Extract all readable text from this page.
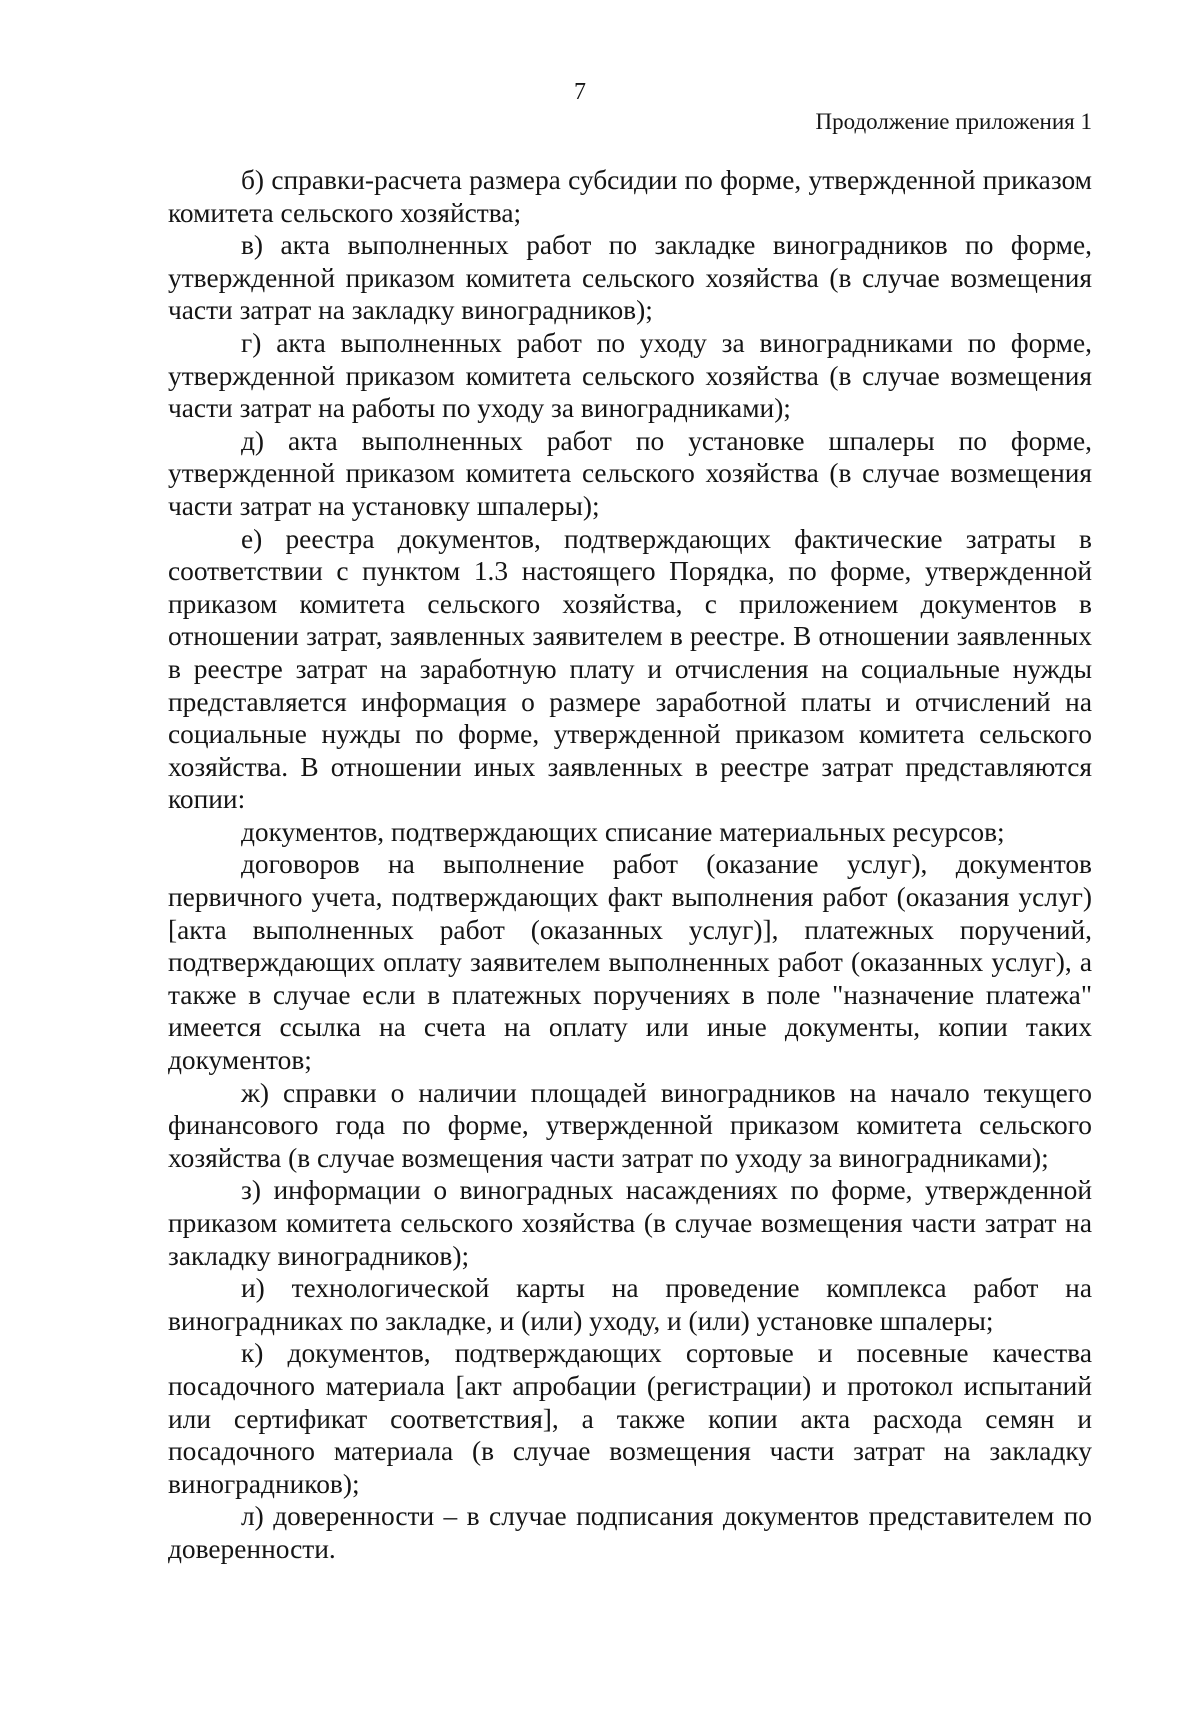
7
Продолжение приложения 1

б) справки-расчета размера субсидии по форме, утвержденной приказом комитета сельского хозяйства;

в) акта выполненных работ по закладке виноградников по форме, утвержденной приказом комитета сельского хозяйства (в случае возмещения части затрат на закладку виноградников);

г) акта выполненных работ по уходу за виноградниками по форме, утвержденной приказом комитета сельского хозяйства (в случае возмещения части затрат на работы по уходу за виноградниками);

д) акта выполненных работ по установке шпалеры по форме, утвержденной приказом комитета сельского хозяйства (в случае возмещения части затрат на установку шпалеры);

е) реестра документов, подтверждающих фактические затраты в соответствии с пунктом 1.3 настоящего Порядка, по форме, утвержденной приказом комитета сельского хозяйства, с приложением документов в отношении затрат, заявленных заявителем в реестре. В отношении заявленных в реестре затрат на заработную плату и отчисления на социальные нужды представляется информация о размере заработной платы и отчислений на социальные нужды по форме, утвержденной приказом комитета сельского хозяйства. В отношении иных заявленных в реестре затрат представляются копии:

документов, подтверждающих списание материальных ресурсов;

договоров на выполнение работ (оказание услуг), документов первичного учета, подтверждающих факт выполнения работ (оказания услуг) [акта выполненных работ (оказанных услуг)], платежных поручений, подтверждающих оплату заявителем выполненных работ (оказанных услуг), а также в случае если в платежных поручениях в поле "назначение платежа" имеется ссылка на счета на оплату или иные документы, копии таких документов;

ж) справки о наличии площадей виноградников на начало текущего финансового года по форме, утвержденной приказом комитета сельского хозяйства (в случае возмещения части затрат по уходу за виноградниками);

з) информации о виноградных насаждениях по форме, утвержденной приказом комитета сельского хозяйства (в случае возмещения части затрат на закладку виноградников);

и) технологической карты на проведение комплекса работ на виноградниках по закладке, и (или) уходу, и (или) установке шпалеры;

к) документов, подтверждающих сортовые и посевные качества посадочного материала [акт апробации (регистрации) и протокол испытаний или сертификат соответствия], а также копии акта расхода семян и посадочного материала (в случае возмещения части затрат на закладку виноградников);

л) доверенности – в случае подписания документов представителем по доверенности.
